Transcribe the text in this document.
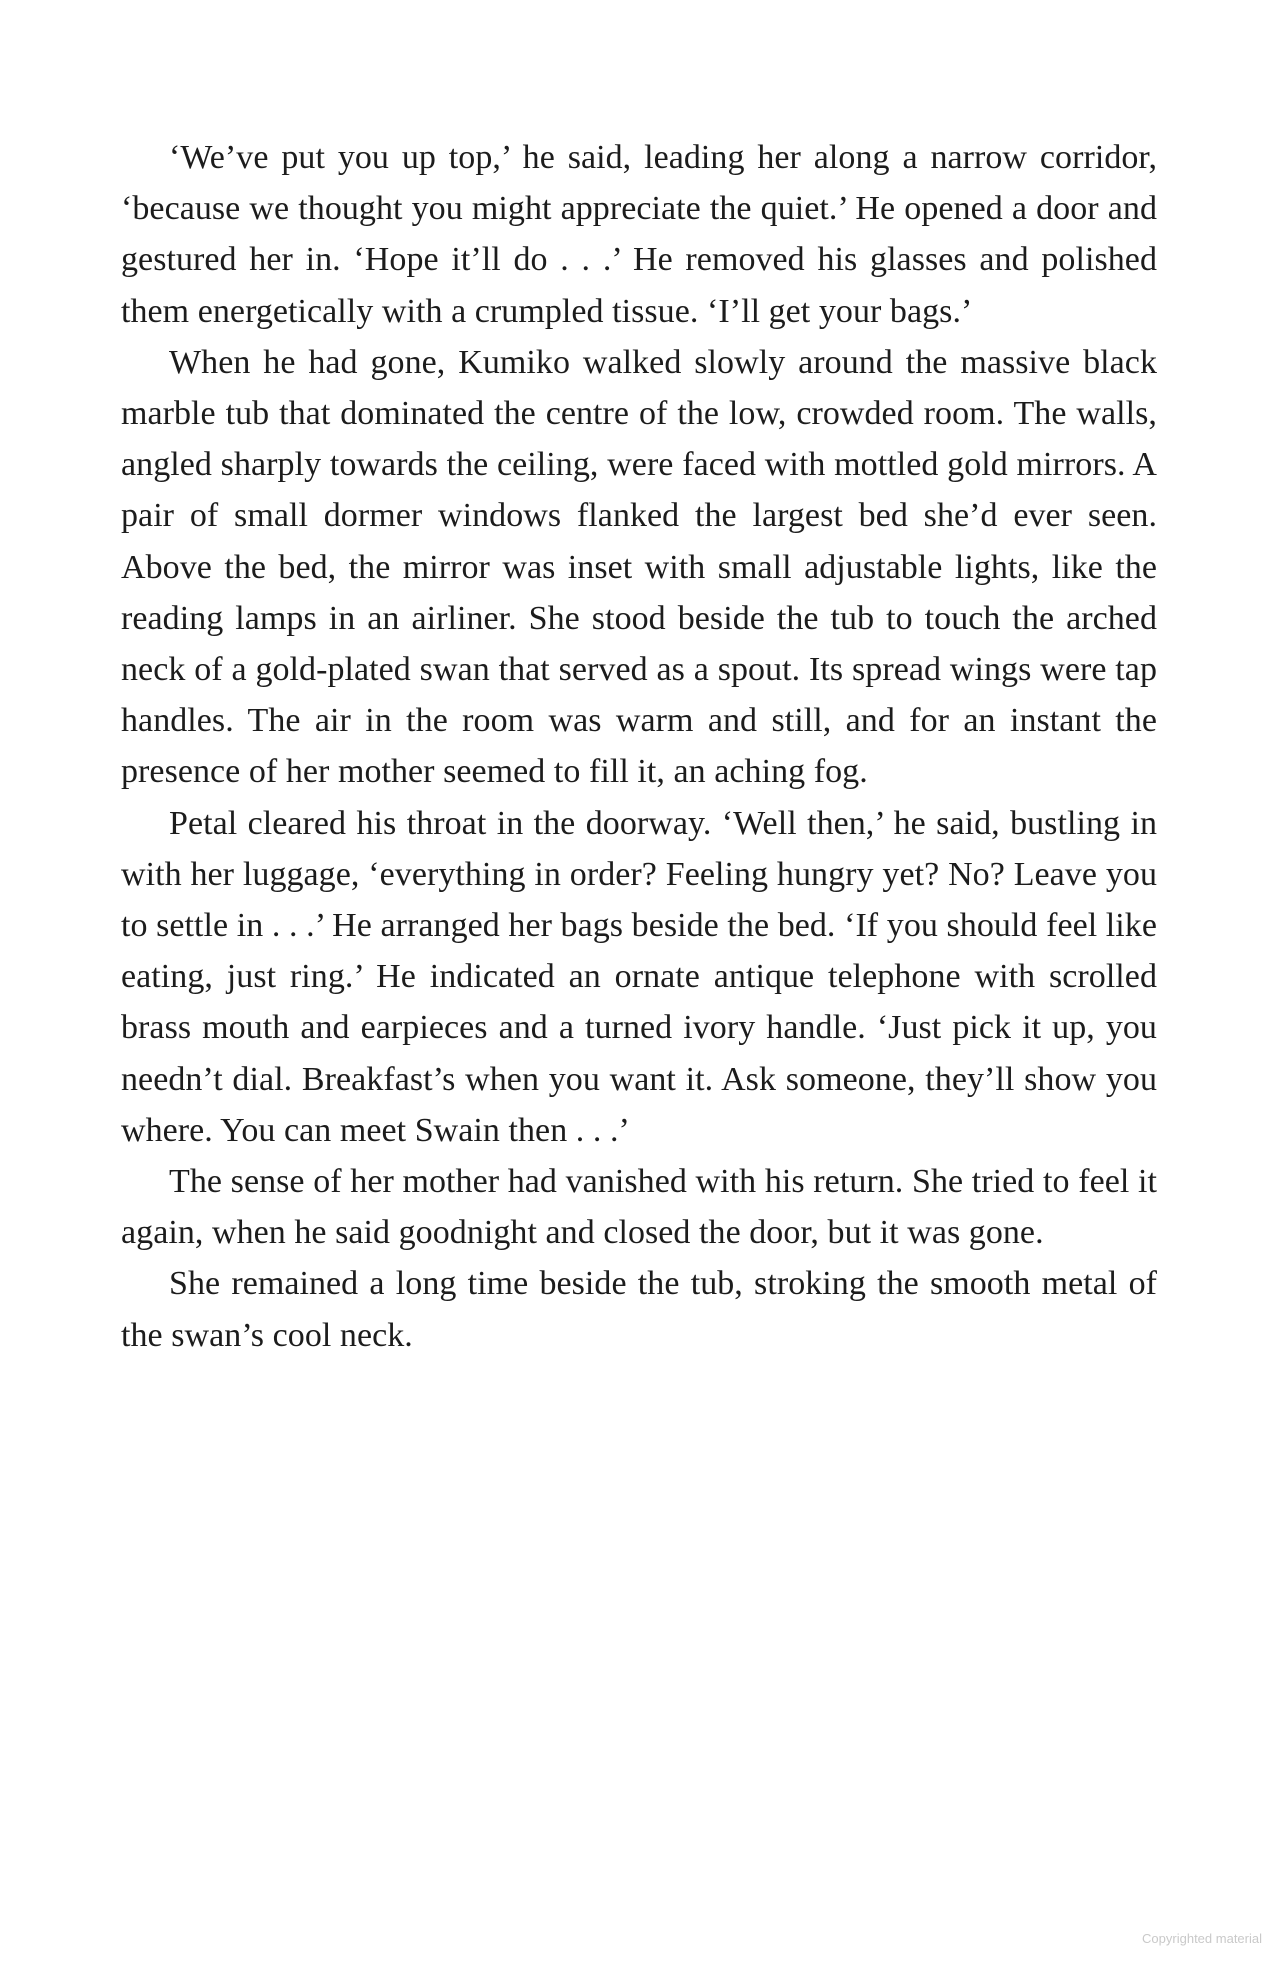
‘We’ve put you up top,’ he said, leading her along a narrow corridor, ‘because we thought you might appreciate the quiet.’ He opened a door and gestured her in. ‘Hope it’ll do . . .’ He removed his glasses and polished them energetically with a crumpled tissue. ‘I’ll get your bags.’

When he had gone, Kumiko walked slowly around the massive black marble tub that dominated the centre of the low, crowded room. The walls, angled sharply towards the ceiling, were faced with mottled gold mirrors. A pair of small dormer windows flanked the largest bed she’d ever seen. Above the bed, the mirror was inset with small adjustable lights, like the reading lamps in an airliner. She stood beside the tub to touch the arched neck of a gold-plated swan that served as a spout. Its spread wings were tap handles. The air in the room was warm and still, and for an instant the presence of her mother seemed to fill it, an aching fog.

Petal cleared his throat in the doorway. ‘Well then,’ he said, bustling in with her luggage, ‘everything in order? Feeling hungry yet? No? Leave you to settle in . . .’ He arranged her bags beside the bed. ‘If you should feel like eating, just ring.’ He indicated an ornate antique telephone with scrolled brass mouth and earpieces and a turned ivory handle. ‘Just pick it up, you needn’t dial. Breakfast’s when you want it. Ask someone, they’ll show you where. You can meet Swain then . . .’

The sense of her mother had vanished with his return. She tried to feel it again, when he said goodnight and closed the door, but it was gone.

She remained a long time beside the tub, stroking the smooth metal of the swan’s cool neck.

Copyrighted material
